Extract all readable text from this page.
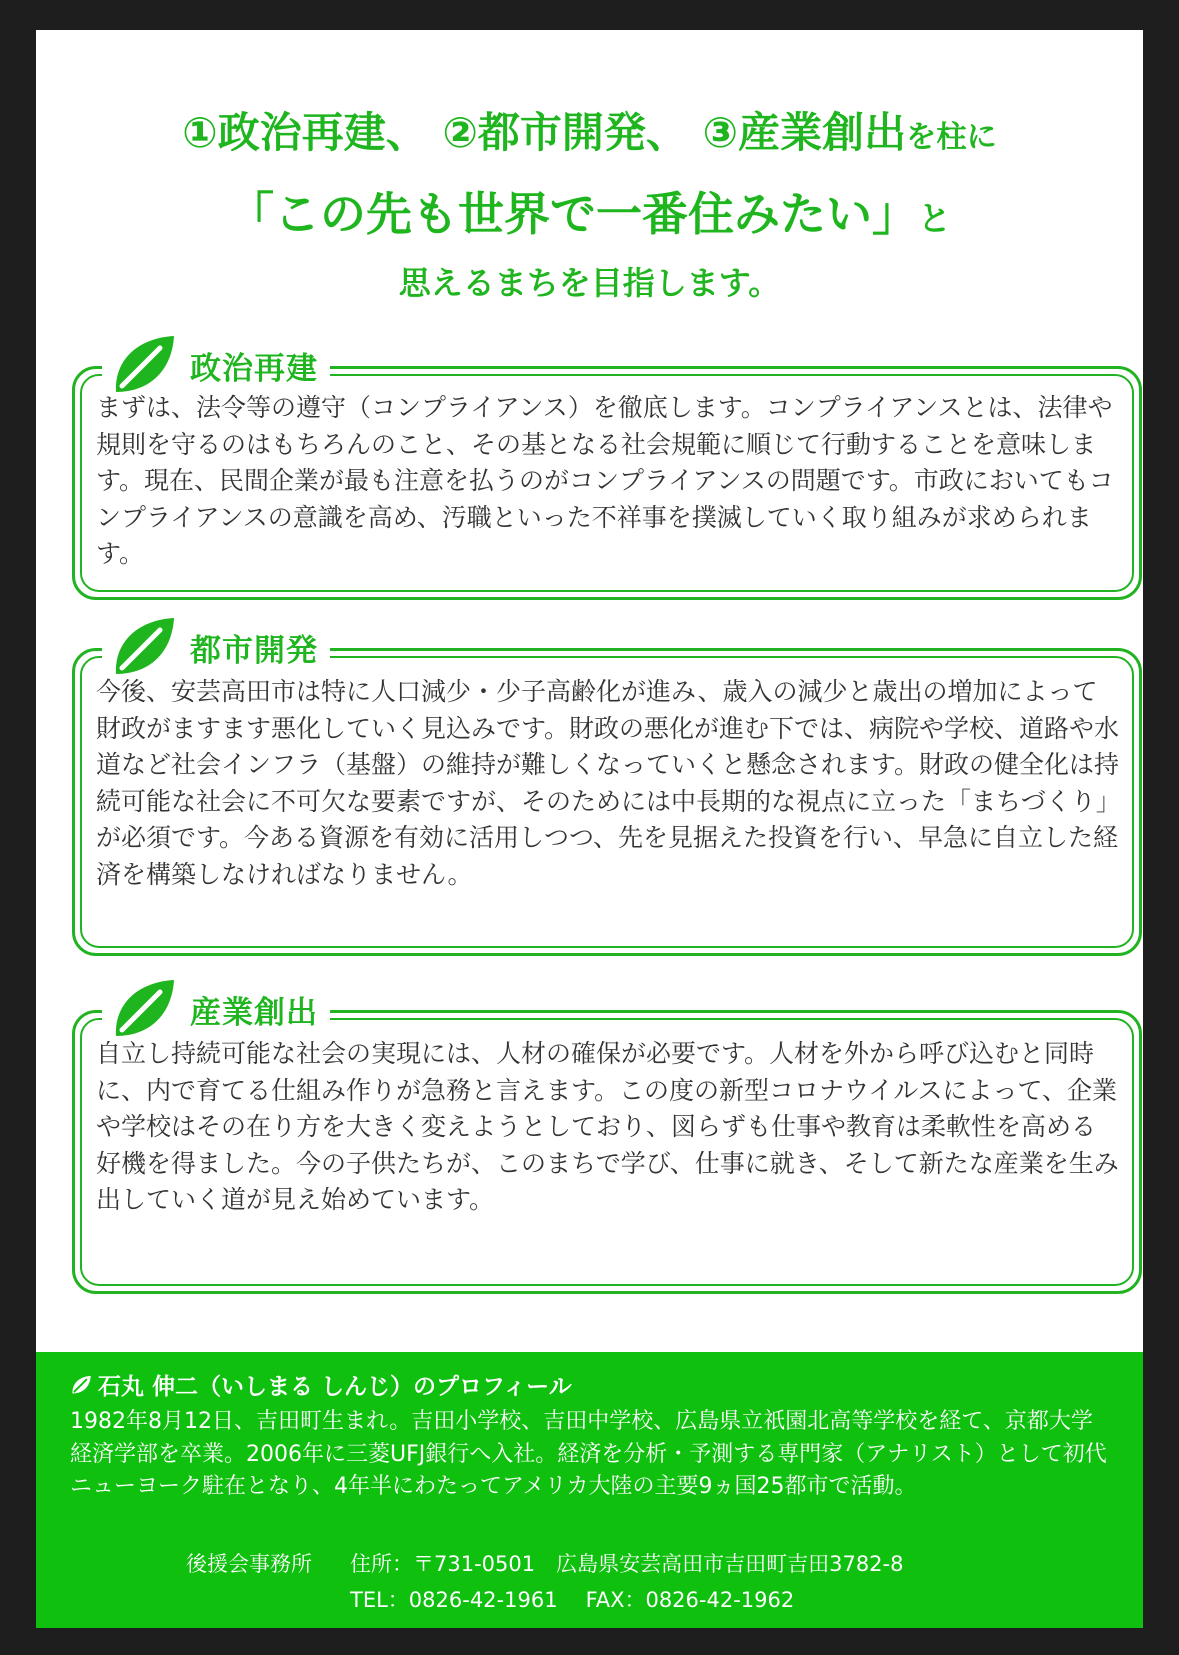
①政治再建、 ②都市開発、 ③産業創出を柱に
「この先も世界で一番住みたい」と
思えるまちを目指します。
政治再建

まずは、法令等の遵守（コンプライアンス）を徹底します。コンプライアンスとは、法律や規則を守るのはもちろんのこと、その基となる社会規範に順じて行動することを意味します。現在、民間企業が最も注意を払うのがコンプライアンスの問題です。市政においてもコンプライアンスの意識を高め、汚職といった不祥事を撲滅していく取り組みが求められます。

都市開発

今後、安芸高田市は特に人口減少・少子高齢化が進み、歳入の減少と歳出の増加によって財政がますます悪化していく見込みです。財政の悪化が進む下では、病院や学校、道路や水道など社会インフラ（基盤）の維持が難しくなっていくと懸念されます。財政の健全化は持続可能な社会に不可欠な要素ですが、そのためには中長期的な視点に立った「まちづくり」が必須です。今ある資源を有効に活用しつつ、先を見据えた投資を行い、早急に自立した経済を構築しなければなりません。

産業創出

自立し持続可能な社会の実現には、人材の確保が必要です。人材を外から呼び込むと同時に、内で育てる仕組み作りが急務と言えます。この度の新型コロナウイルスによって、企業や学校はその在り方を大きく変えようとしており、図らずも仕事や教育は柔軟性を高める好機を得ました。今の子供たちが、このまちで学び、仕事に就き、そして新たな産業を生み出していく道が見え始めています。

石丸 伸二（いしまる しんじ）のプロフィール

1982年8月12日、吉田町生まれ。吉田小学校、吉田中学校、広島県立祇園北高等学校を経て、京都大学経済学部を卒業。2006年に三菱UFJ銀行へ入社。経済を分析・予測する専門家（アナリスト）として初代ニューヨーク駐在となり、4年半にわたってアメリカ大陸の主要9ヵ国25都市で活動。

後援会事務所 住所：〒731-0501　広島県安芸高田市吉田町吉田3782-8
TEL：0826-42-1961 FAX：0826-42-1962
